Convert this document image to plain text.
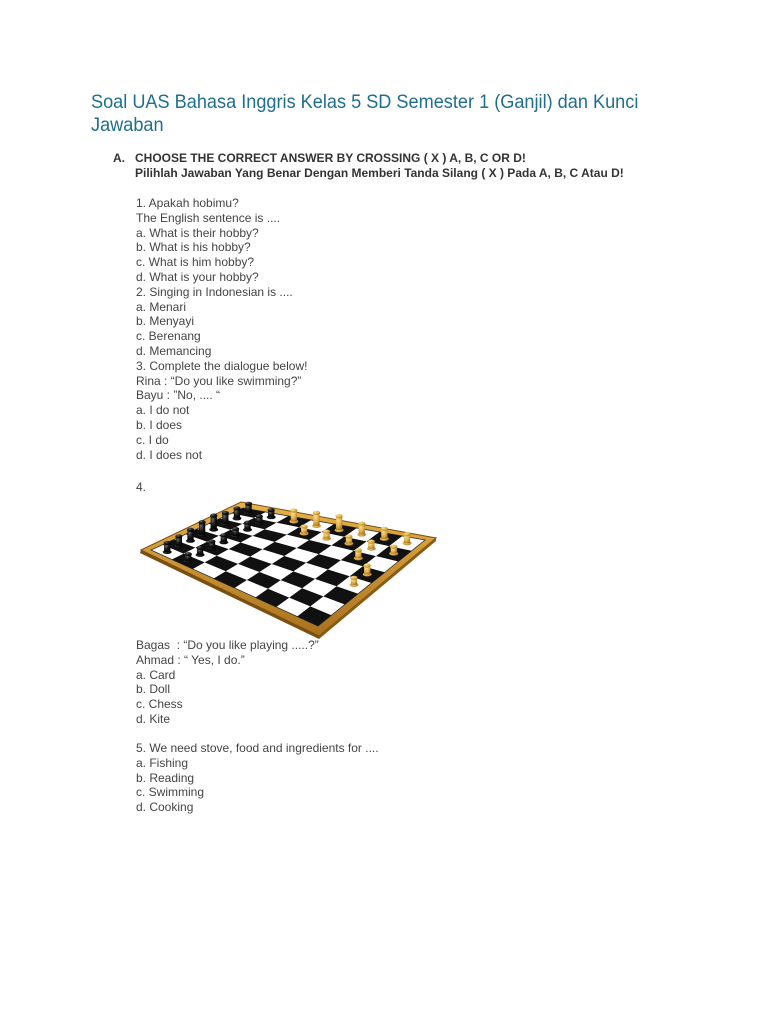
Soal UAS Bahasa Inggris Kelas 5 SD Semester 1 (Ganjil) dan Kunci Jawaban
A. CHOOSE THE CORRECT ANSWER BY CROSSING ( X ) A, B, C OR D!
Pilihlah Jawaban Yang Benar Dengan Memberi Tanda Silang ( X ) Pada A, B, C Atau D!
1. Apakah hobimu?
The English sentence is ....
a. What is their hobby?
b. What is his hobby?
c. What is him hobby?
d. What is your hobby?
2. Singing in Indonesian is ....
a. Menari
b. Menyayi
c. Berenang
d. Memancing
3. Complete the dialogue below!
Rina : “Do you like swimming?”
Bayu : ”No, .... “
a. I do not
b. I does
c. I do
d. I does not
4.
Bagas  : “Do you like playing .....?”
Ahmad : “ Yes, I do.”
a. Card
b. Doll
c. Chess
d. Kite
5. We need stove, food and ingredients for ....
a. Fishing
b. Reading
c. Swimming
d. Cooking
